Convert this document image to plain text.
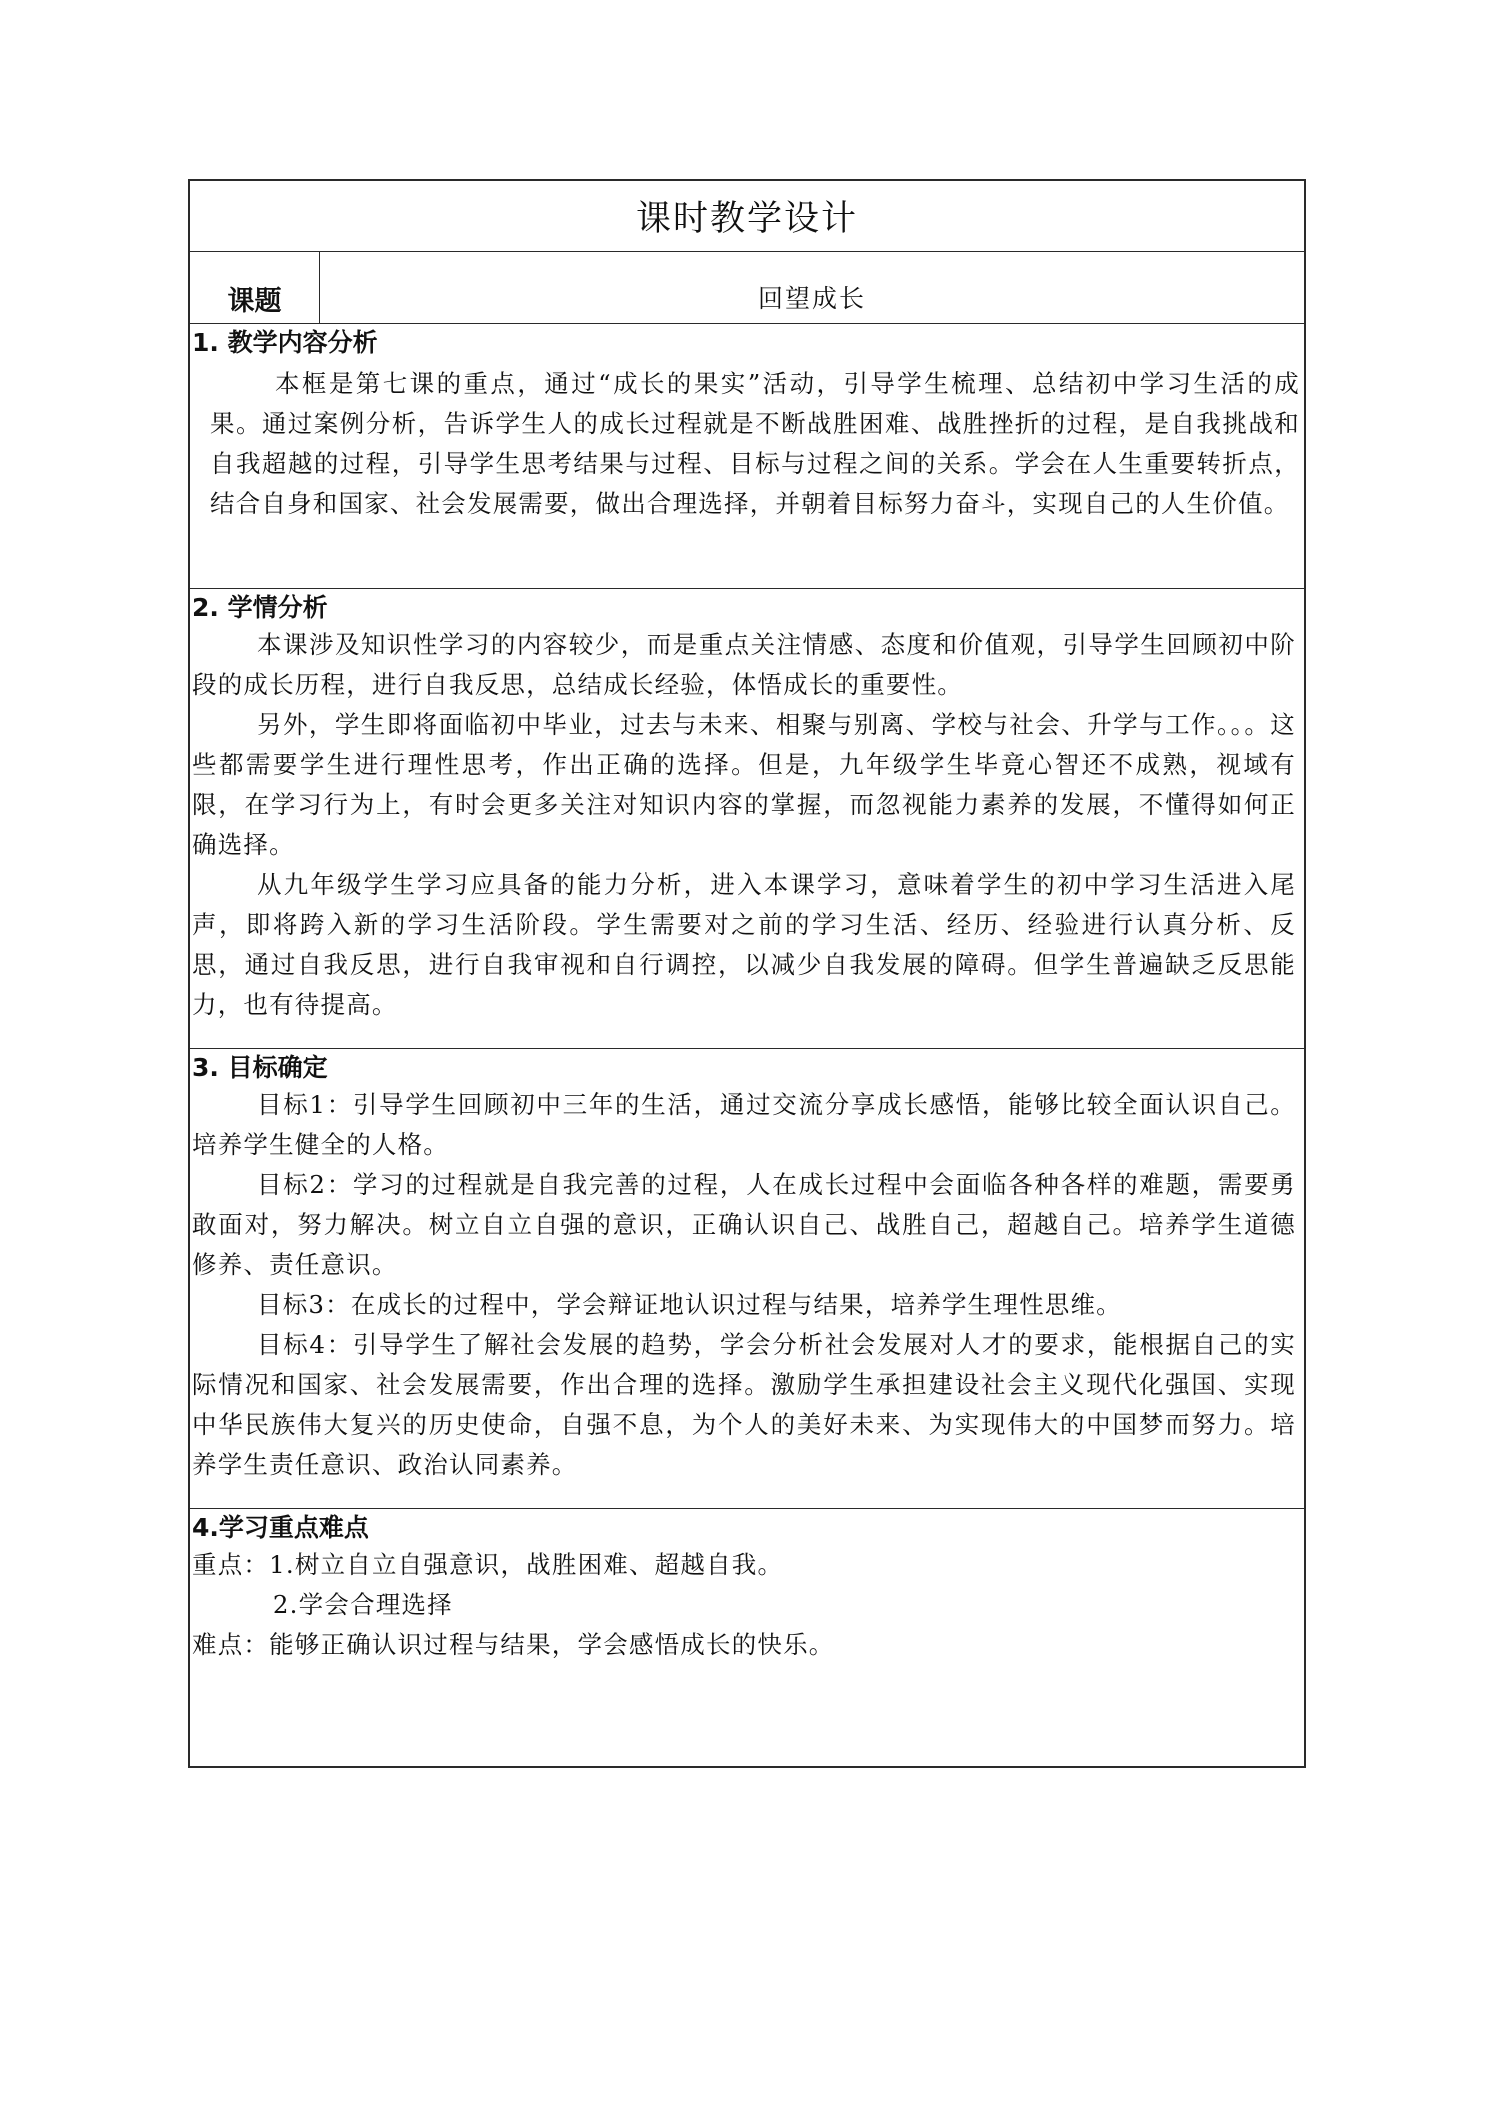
课时教学设计
课题	回望成长
1. 教学内容分析

本框是第七课的重点，通过“成长的果实”活动，引导学生梳理、总结初中学习生活的成果。通过案例分析，告诉学生人的成长过程就是不断战胜困难、战胜挫折的过程，是自我挑战和自我超越的过程，引导学生思考结果与过程、目标与过程之间的关系。学会在人生重要转折点，结合自身和国家、社会发展需要，做出合理选择，并朝着目标努力奋斗，实现自己的人生价值。

2. 学情分析

本课涉及知识性学习的内容较少，而是重点关注情感、态度和价值观，引导学生回顾初中阶段的成长历程，进行自我反思，总结成长经验，体悟成长的重要性。

另外，学生即将面临初中毕业，过去与未来、相聚与别离、学校与社会、升学与工作。。。这些都需要学生进行理性思考，作出正确的选择。但是，九年级学生毕竟心智还不成熟，视域有限，在学习行为上，有时会更多关注对知识内容的掌握，而忽视能力素养的发展，不懂得如何正确选择。

从九年级学生学习应具备的能力分析，进入本课学习，意味着学生的初中学习生活进入尾声，即将跨入新的学习生活阶段。学生需要对之前的学习生活、经历、经验进行认真分析、反思，通过自我反思，进行自我审视和自行调控，以减少自我发展的障碍。但学生普遍缺乏反思能力，也有待提高。

3. 目标确定

目标1：引导学生回顾初中三年的生活，通过交流分享成长感悟，能够比较全面认识自己。培养学生健全的人格。

目标2：学习的过程就是自我完善的过程，人在成长过程中会面临各种各样的难题，需要勇敢面对，努力解决。树立自立自强的意识，正确认识自己、战胜自己，超越自己。培养学生道德修养、责任意识。

目标3：在成长的过程中，学会辩证地认识过程与结果，培养学生理性思维。

目标4：引导学生了解社会发展的趋势，学会分析社会发展对人才的要求，能根据自己的实际情况和国家、社会发展需要，作出合理的选择。激励学生承担建设社会主义现代化强国、实现中华民族伟大复兴的历史使命，自强不息，为个人的美好未来、为实现伟大的中国梦而努力。培养学生责任意识、政治认同素养。

4.学习重点难点
重点：1.树立自立自强意识，战胜困难、超越自我。
2.学会合理选择
难点：能够正确认识过程与结果，学会感悟成长的快乐。
